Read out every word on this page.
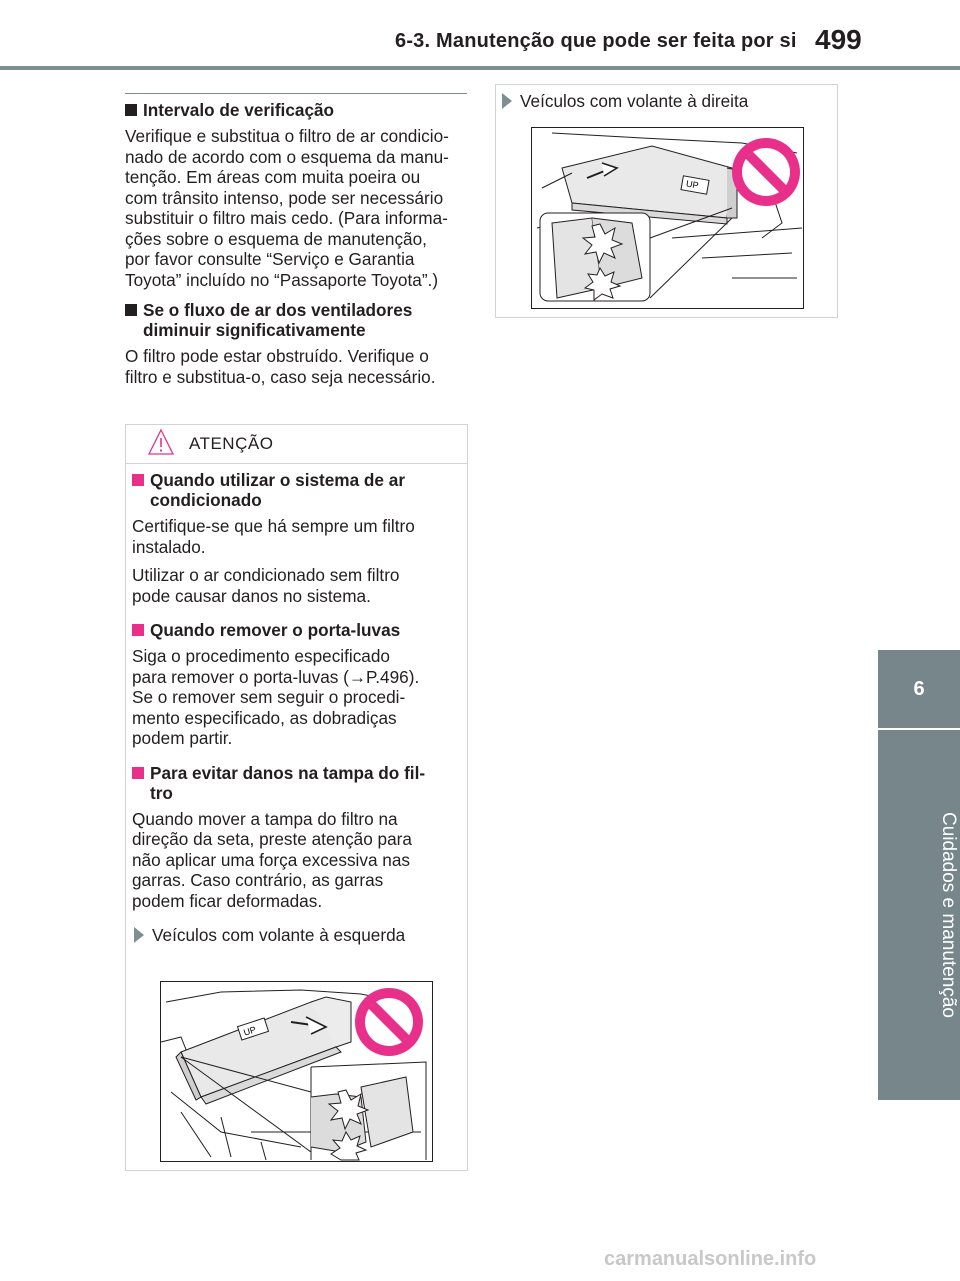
6-3. Manutenção que pode ser feita por si 499
6
Cuidados e manutenção
Intervalo de verificação

Verifique e substitua o filtro de ar condicio-
nado de acordo com o esquema da manu-
tenção. Em áreas com muita poeira ou
com trânsito intenso, pode ser necessário
substituir o filtro mais cedo. (Para informa-
ções sobre o esquema de manutenção,
por favor consulte “Serviço e Garantia
Toyota” incluído no “Passaporte Toyota”.)

Se o fluxo de ar dos ventiladores
diminuir significativamente

O filtro pode estar obstruído. Verifique o
filtro e substitua-o, caso seja necessário.

ATENÇÃO
Quando utilizar o sistema de ar
condicionado

Certifique-se que há sempre um filtro
instalado.

Utilizar o ar condicionado sem filtro
pode causar danos no sistema.

Quando remover o porta-luvas

Siga o procedimento especificado
para remover o porta-luvas (→P.496).
Se o remover sem seguir o procedi-
mento especificado, as dobradiças
podem partir.

Para evitar danos na tampa do fil-
tro

Quando mover a tampa do filtro na
direção da seta, preste atenção para
não aplicar uma força excessiva nas
garras. Caso contrário, as garras
podem ficar deformadas.

Veículos com volante à esquerda
UP
Veículos com volante à direita
UP
carmanualsonline.info
